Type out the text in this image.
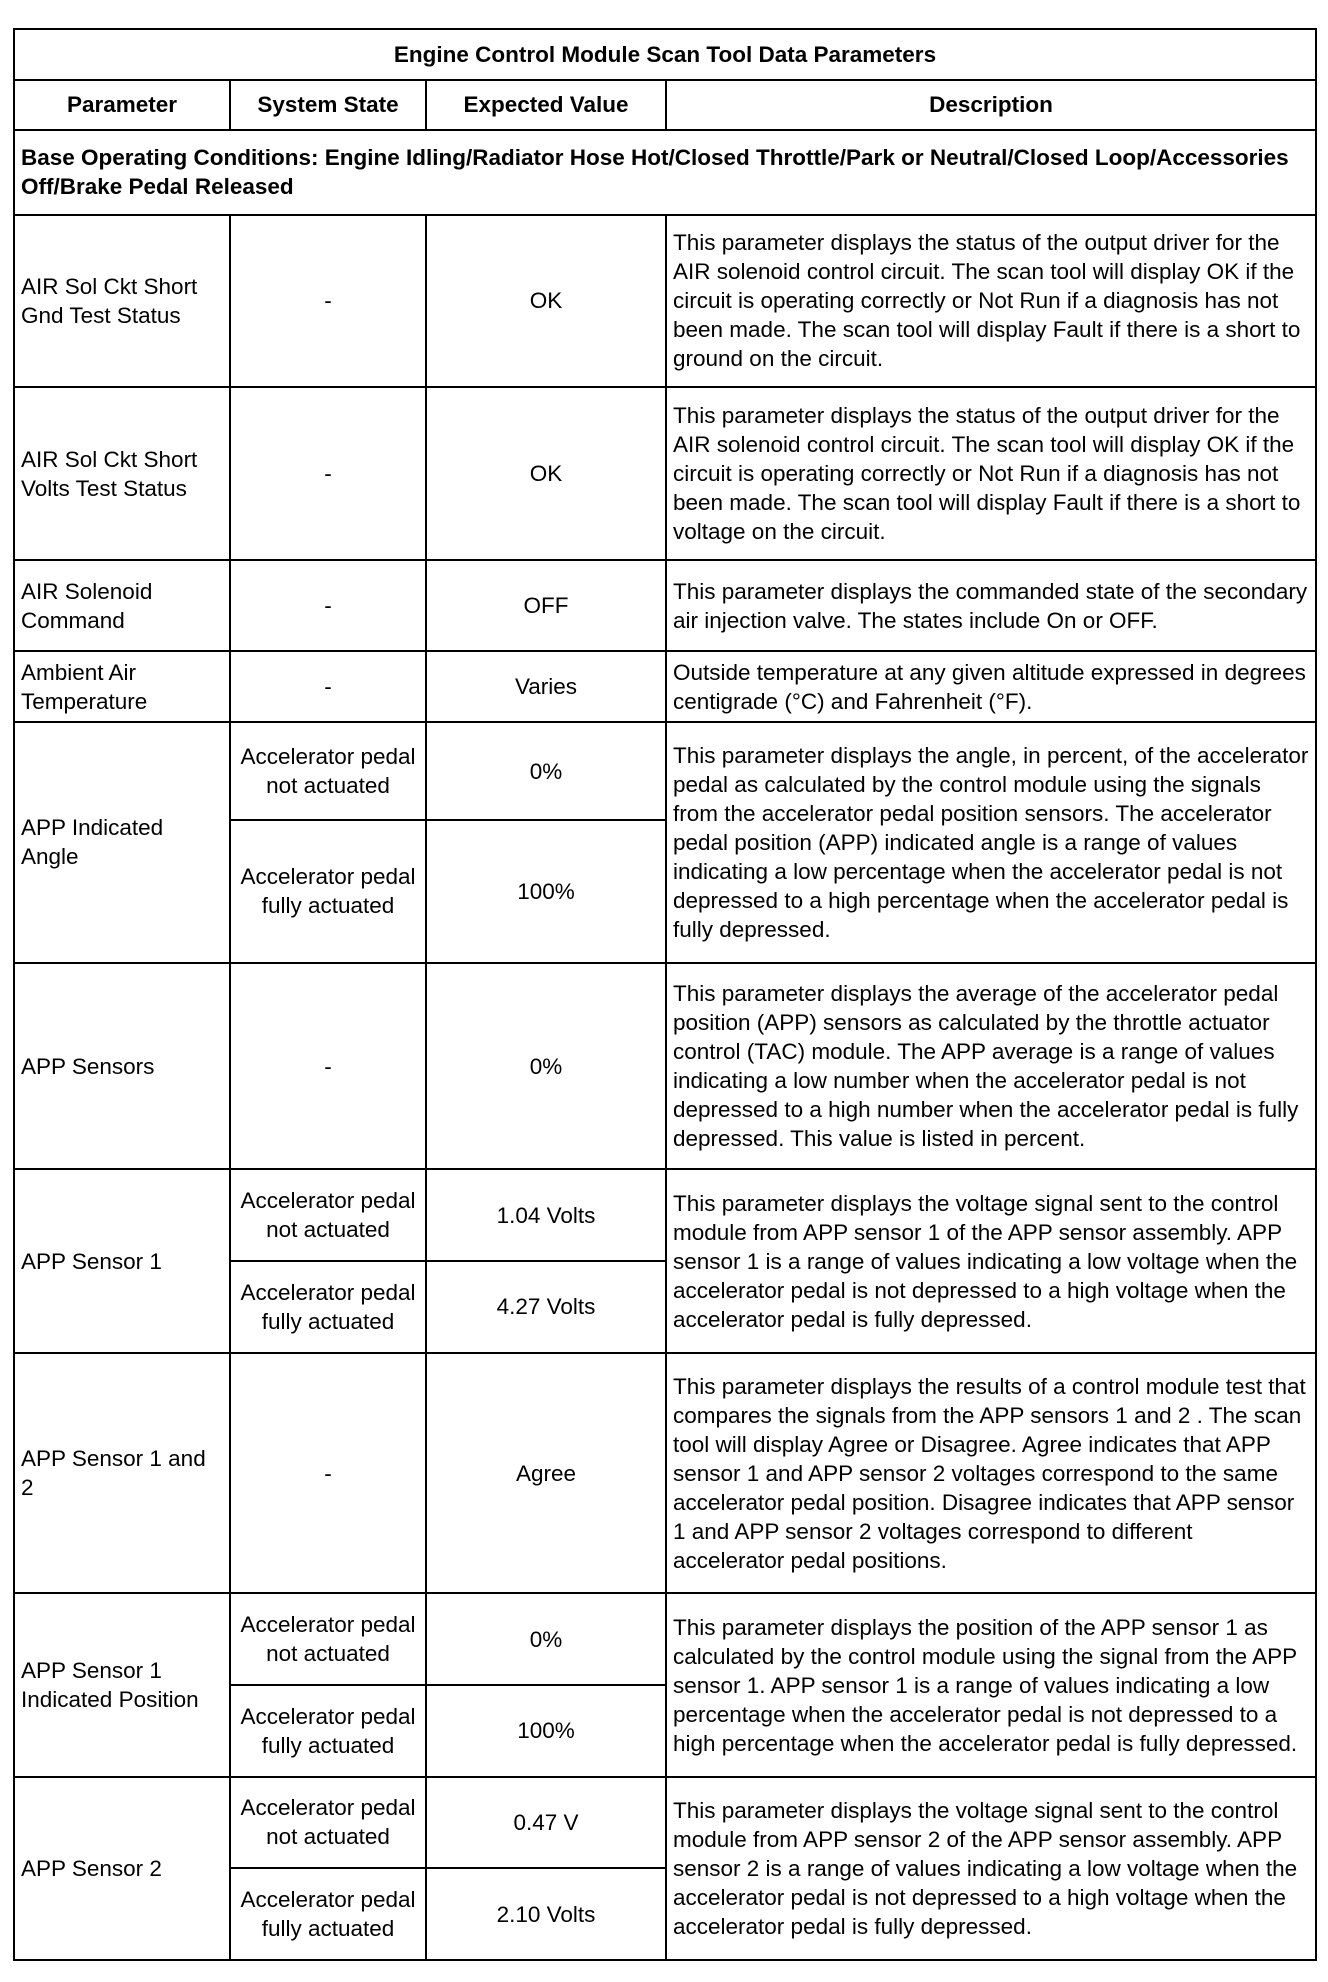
Engine Control Module Scan Tool Data Parameters			
Parameter	System State	Expected Value	Description
Base Operating Conditions: Engine Idling/Radiator Hose Hot/Closed Throttle/Park or Neutral/Closed Loop/Accessories Off/Brake Pedal Released			
AIR Sol Ckt Short Gnd Test Status	-	OK	This parameter displays the status of the output driver for the AIR solenoid control circuit. The scan tool will display OK if the circuit is operating correctly or Not Run if a diagnosis has not been made. The scan tool will display Fault if there is a short to ground on the circuit.
AIR Sol Ckt Short Volts Test Status	-	OK	This parameter displays the status of the output driver for the AIR solenoid control circuit. The scan tool will display OK if the circuit is operating correctly or Not Run if a diagnosis has not been made. The scan tool will display Fault if there is a short to voltage on the circuit.
AIR Solenoid Command	-	OFF	This parameter displays the commanded state of the secondary air injection valve. The states include On or OFF.
Ambient Air Temperature	-	Varies	Outside temperature at any given altitude expressed in degrees centigrade (°C) and Fahrenheit (°F).
APP Indicated Angle	Accelerator pedal not actuated	0%	This parameter displays the angle, in percent, of the accelerator pedal as calculated by the control module using the signals from the accelerator pedal position sensors. The accelerator pedal position (APP) indicated angle is a range of values indicating a low percentage when the accelerator pedal is not depressed to a high percentage when the accelerator pedal is fully depressed.
	Accelerator pedal fully actuated	100%	
APP Sensors	-	0%	This parameter displays the average of the accelerator pedal position (APP) sensors as calculated by the throttle actuator control (TAC) module. The APP average is a range of values indicating a low number when the accelerator pedal is not depressed to a high number when the accelerator pedal is fully depressed. This value is listed in percent.
APP Sensor 1	Accelerator pedal not actuated	1.04 Volts	This parameter displays the voltage signal sent to the control module from APP sensor 1 of the APP sensor assembly. APP sensor 1 is a range of values indicating a low voltage when the accelerator pedal is not depressed to a high voltage when the accelerator pedal is fully depressed.
	Accelerator pedal fully actuated	4.27 Volts	
APP Sensor 1 and 2	-	Agree	This parameter displays the results of a control module test that compares the signals from the APP sensors 1 and 2 . The scan tool will display Agree or Disagree. Agree indicates that APP sensor 1 and APP sensor 2 voltages correspond to the same accelerator pedal position. Disagree indicates that APP sensor 1 and APP sensor 2 voltages correspond to different accelerator pedal positions.
APP Sensor 1 Indicated Position	Accelerator pedal not actuated	0%	This parameter displays the position of the APP sensor 1 as calculated by the control module using the signal from the APP sensor 1. APP sensor 1 is a range of values indicating a low percentage when the accelerator pedal is not depressed to a high percentage when the accelerator pedal is fully depressed.
	Accelerator pedal fully actuated	100%	
APP Sensor 2	Accelerator pedal not actuated	0.47 V	This parameter displays the voltage signal sent to the control module from APP sensor 2 of the APP sensor assembly. APP sensor 2 is a range of values indicating a low voltage when the accelerator pedal is not depressed to a high voltage when the accelerator pedal is fully depressed.
	Accelerator pedal fully actuated	2.10 Volts	
